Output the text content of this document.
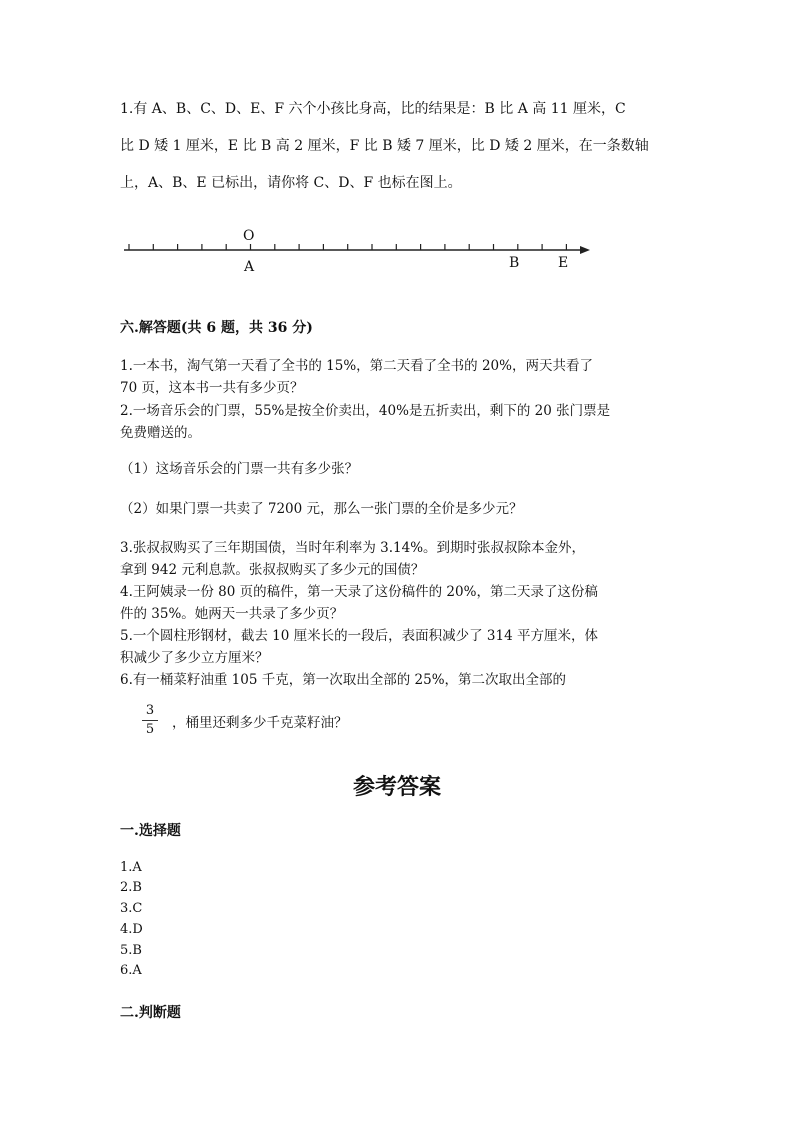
1.有 A、B、C、D、E、F 六个小孩比身高，比的结果是：B 比 A 高 11 厘米，C
比 D 矮 1 厘米，E 比 B 高 2 厘米，F 比 B 矮 7 厘米，比 D 矮 2 厘米，在一条数轴
上，A、B、E 已标出，请你将 C、D、F 也标在图上。
O
A	B	E
六.解答题(共 6 题，共 36 分)
1.一本书，淘气第一天看了全书的 15%，第二天看了全书的 20%，两天共看了
70 页，这本书一共有多少页？
2.一场音乐会的门票，55%是按全价卖出，40%是五折卖出，剩下的 20 张门票是
免费赠送的。
（1）这场音乐会的门票一共有多少张？
（2）如果门票一共卖了 7200 元，那么一张门票的全价是多少元？
3.张叔叔购买了三年期国债，当时年利率为 3.14%。到期时张叔叔除本金外，
拿到 942 元利息款。张叔叔购买了多少元的国债？
4.王阿姨录一份 80 页的稿件，第一天录了这份稿件的 20%，第二天录了这份稿
件的 35%。她两天一共录了多少页？
5.一个圆柱形钢材，截去 10 厘米长的一段后，表面积减少了 314 平方厘米，体
积减少了多少立方厘米？
6.有一桶菜籽油重 105 千克，第一次取出全部的 25%，第二次取出全部的
3
5	，桶里还剩多少千克菜籽油？
参考答案
一.选择题
1.A
2.B
3.C
4.D
5.B
6.A
二.判断题
